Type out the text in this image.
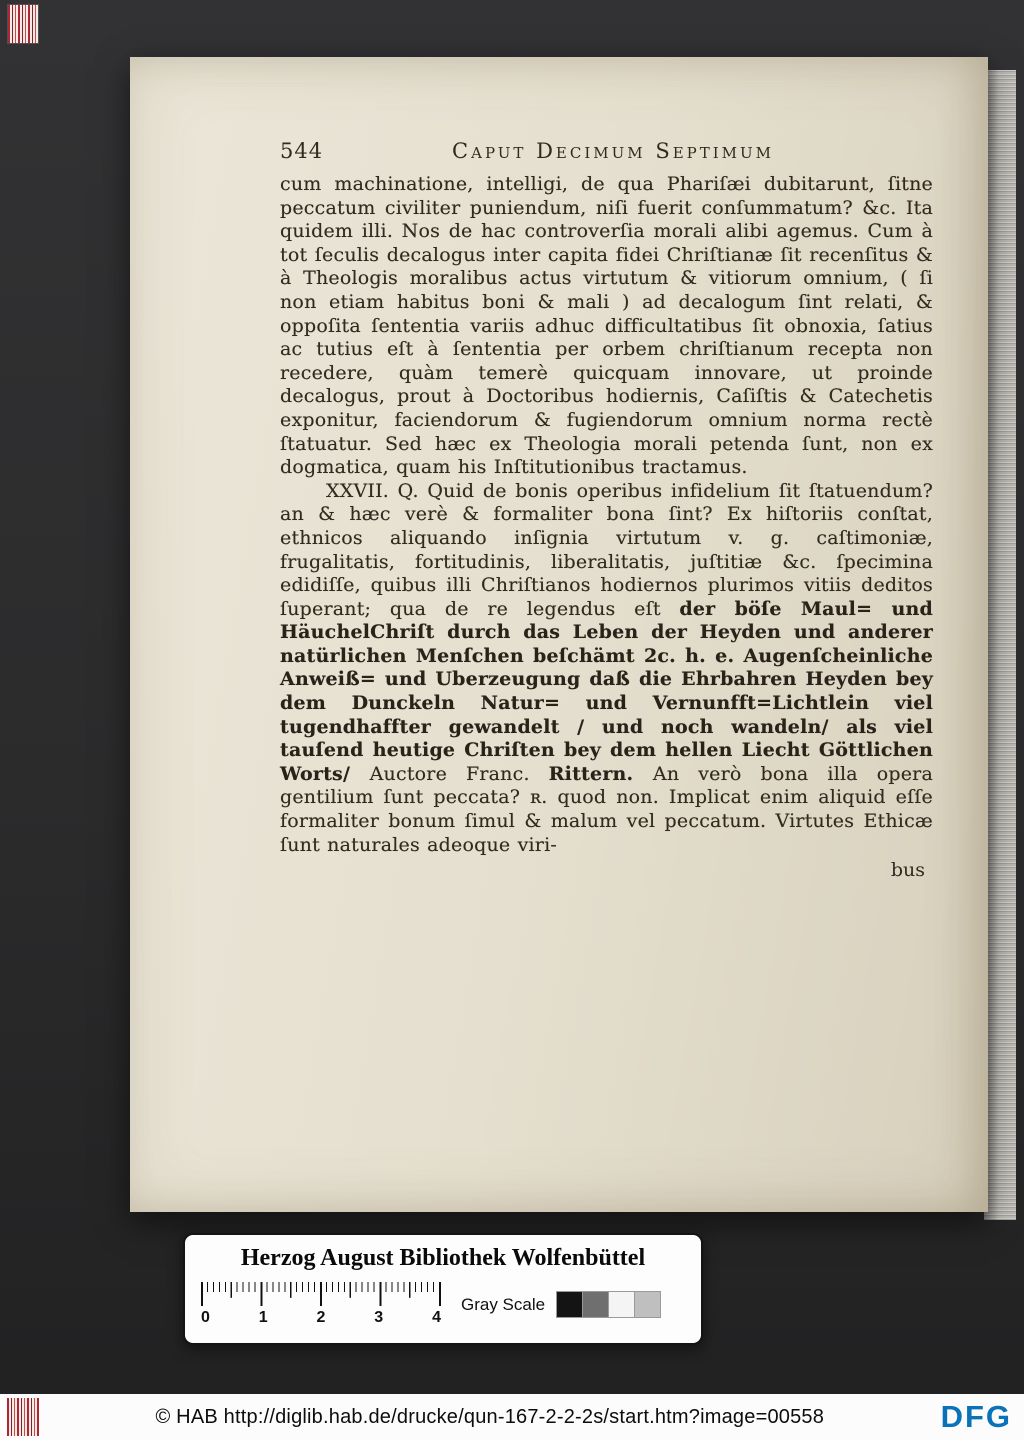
544	Caput Decimum Septimum

cum machinatione, intelligi, de qua Phariſæi dubitarunt, ſitne peccatum civiliter puniendum, niſi fuerit conſummatum? &c. Ita quidem illi. Nos de hac controverſia morali alibi agemus. Cum à tot ſeculis decalogus inter capita fidei Chriſtianæ ſit recenſitus & à Theologis moralibus actus virtutum & vitiorum omnium, ( ſi non etiam habitus boni & mali ) ad decalogum ſint relati, & oppoſita ſententia variis adhuc difficultatibus ſit obnoxia, ſatius ac tutius eſt à ſententia per orbem chriſtianum recepta non recedere, quàm temerè quicquam innovare, ut proinde decalogus, prout à Doctoribus hodiernis, Caſiſtis & Catechetis exponitur, faciendorum & fugiendorum omnium norma rectè ſtatuatur. Sed hæc ex Theologia morali petenda ſunt, non ex dogmatica, quam his Inſtitutionibus tractamus.

XXVII. Q. Quid de bonis operibus infidelium ſit ſtatuendum? an & hæc verè & formaliter bona ſint? Ex hiſtoriis conſtat, ethnicos aliquando inſignia virtutum v. g. caſtimoniæ, frugalitatis, fortitudinis, liberalitatis, juſtitiæ &c. ſpecimina edidiſſe, quibus illi Chriſtianos hodiernos plurimos vitiis deditos ſuperant; qua de re legendus eſt der böſe Maul= und HäuchelChriſt durch das Leben der Heyden und anderer natürlichen Menſchen beſchämt 2c. h. e. Augenſcheinliche Anweiß= und Uberzeugung daß die Ehrbahren Heyden bey dem Dunckeln Natur= und Vernunfft=Lichtlein viel tugendhaffter gewandelt / und noch wandeln/ als viel tauſend heutige Chriſten bey dem hellen Liecht Göttlichen Worts/ Auctore Franc. Rittern. An verò bona illa opera gentilium ſunt peccata? ʀ. quod non. Implicat enim aliquid eſſe formaliter bonum ſimul & malum vel peccatum. Virtutes Ethicæ ſunt naturales adeoque viri-

bus
Herzog August Bibliothek Wolfenbüttel
0	1	2	3	4
Gray Scale
© HAB http://diglib.hab.de/drucke/qun-167-2-2-2s/start.htm?image=00558	DFG
